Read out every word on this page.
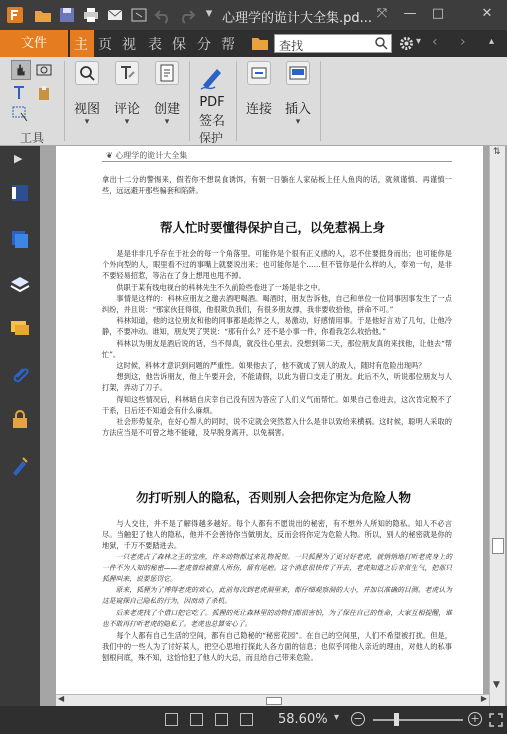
▾ 心理学的诡计大全集.pd... ⤧ — □	✕
文件	主 页 视 表 保 分 帮	查找	▾ ‹ › ▴
工具
视图
▾
评论
▾
创建
▾
PDF
签名
保护
连接 插入
▾
▶	❦ 心理学的诡计大全集
拿出十二分的警惕来，假若你不想误食诱饵，有朝一日躺在人家砧板上任人鱼肉的话，就须谨慎、再谨慎一些，远远避开那些骗套和陷阱。
帮人忙时要懂得保护自己，以免惹祸上身

是是非非几乎存在于社会的每一个角落里。可能你是个很有正义感的人，忍不住要挺身而出；也可能你是个外向型的人，眼里看不过的事嘴上就要说出来；也可能你是个……但不管你是什么样的人，奉劝一句，是非不要轻易招惹，等沾在了身上想甩也甩不掉。

供职于某有线电视台的科林先生不久前险些卷进了一场是非之中。

事情是这样的：科林应朋友之邀去酒吧喝酒。喝酒时，朋友告诉他，自己和单位一位同事因事发生了一点纠纷，并且说：“那家伙狂得很，他很欺负我们，有很多朋友撑，我非要收拾他，拼命不可。”

科林知道，他的这位朋友和他的同事都是彪悍之人，易激动，好感情用事。于是他好言劝了几句，让他冷静，不要冲动。谁知，朋友哭了哭说：“那有什么？还不是小事一件，你看我怎么收拾他。”

科林以为朋友是酒后说的话，当不得真，就没往心里去。没想到第二天，那位朋友真的来找他，让他去“帮忙”。

这时候，科林才意识到问题的严重性。如果他去了，他不就成了别人的敌人，随时有危险出现吗？

想到这，他告诉朋友，他上午要开会，不能请假，以此为借口支走了朋友。此后不久，听说那位朋友与人打架，弄动了刀子。

得知这些情况后，科林暗自庆幸自己没有因为答应了人们义气而帮忙。如果自己卷进去，这次肯定脱不了干系，日后还不知道会有什么麻烦。

社会形势复杂，在好心帮人的同时，说不定就会突然惹入什么是非以致给来横祸。这时候，聪明人采取的方法应当是不可曾之地不能碰，及早脱身离开，以免祸害。

勿打听别人的隐私，否则别人会把你定为危险人物

与人交往，并不是了解得越多越好。每个人都有不愿说出的秘密，有不想外人所知的隐私。知人不必言尽。当触犯了他人的隐私，他并不会善待你当做朋友，反而会将你定为危险人物。所以，别人的秘密就是你的地狱，千万不要踏进去。

一只老虎占了森林之王的宝座，许多动物都过来礼物祝贺。一只狐狸为了更讨好老虎，就悄悄地打听老虎身上的一件不为人知的秘密——老虎曾经被猎人所伤，留有尾疤。这个消息很快传了开去，老虎知道之后非常生气，把那只狐狸叫来，说要惩罚它。

原来，狐狸为了博得老虎的欢心，此前每次到老虎洞里来，都仔细观察洞的大小，并加以准确的目测。老虎认为这是窥探自己隐私的行为，因而动了杀机。

后来老虎找了个借口把它吃了。狐狸的死让森林里的动物们都很害怕，为了保住自己的性命，大家互相提醒，谁也不敢再打听老虎的隐私了。老虎也总算安心了。

每个人都有自己生活的空间，都有自己隐秘的“秘密花园”。在自己的空间里，人们不希望被打扰。但是，我们中的一些人为了讨好某人，把空心思地打探此人各方面的信息；也似乎同他人亲近的理由，对他人的私事刨根问底，殊不知，这恰恰犯了他人的大忌，而且给自己带来危险。

⇅
▼
◀	▶
58.60% ▾ −	+
